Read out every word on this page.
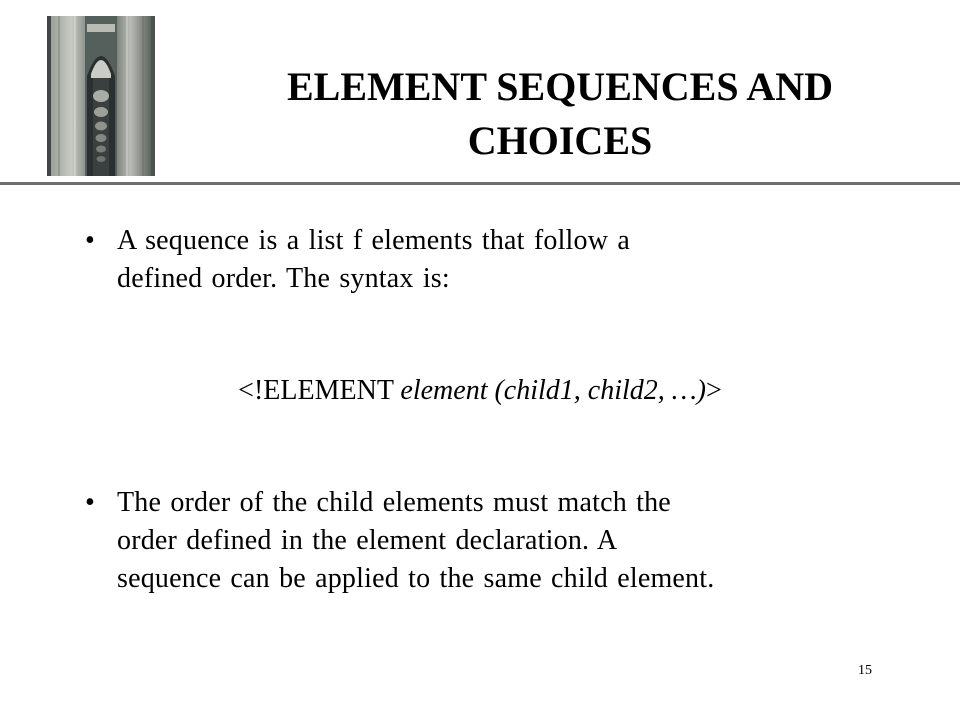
ELEMENT SEQUENCES AND
CHOICES
• A sequence is a list f elements that follow a
defined order. The syntax is:
<!ELEMENT element (child1, child2, …)>
• The order of the child elements must match the
order defined in the element declaration. A
sequence can be applied to the same child element.
15
